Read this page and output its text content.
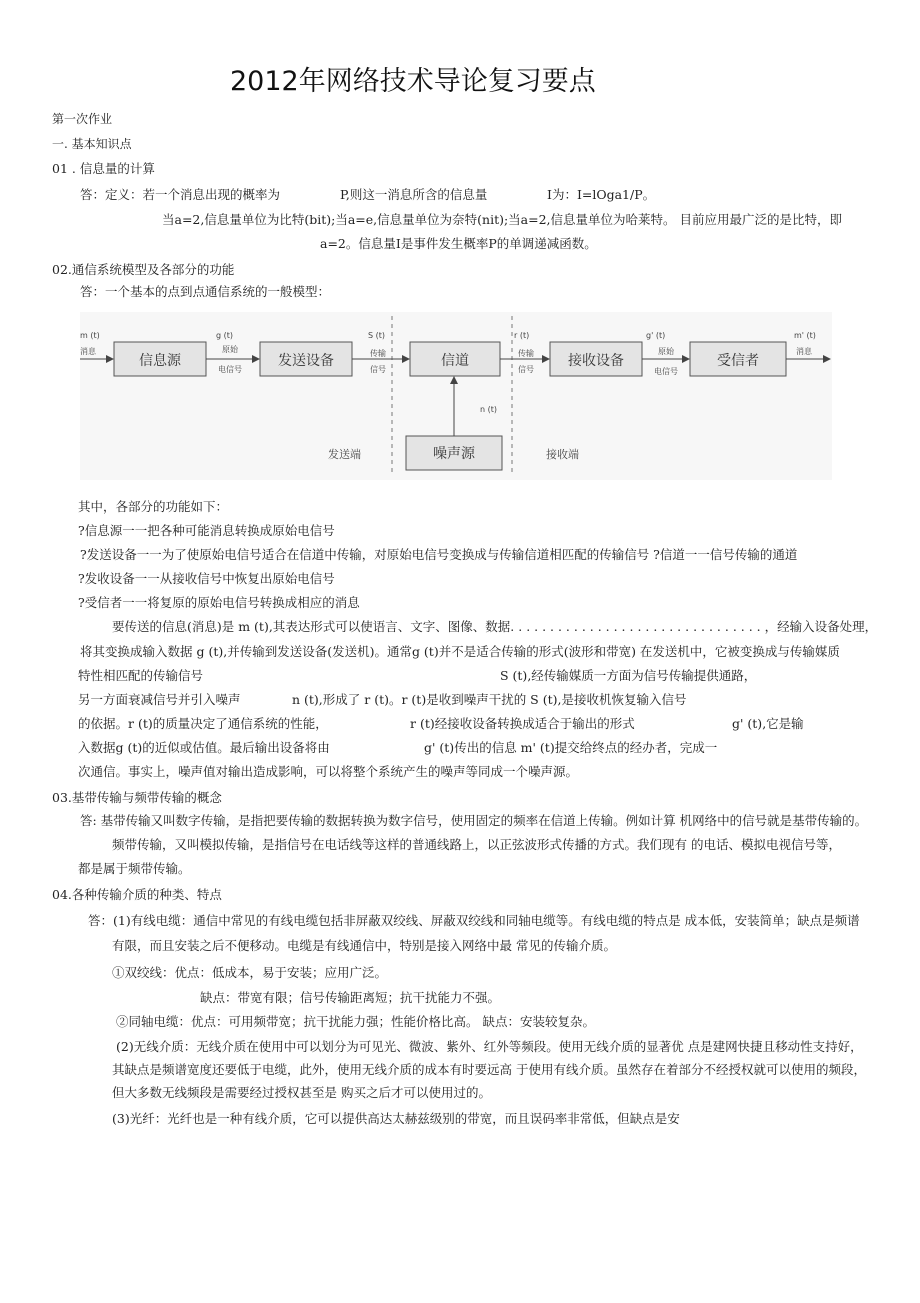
2012年网络技术导论复习要点
第一次作业
一. 基本知识点
01 . 信息量的计算
答：定义：若一个消息出现的概率为	P,则这一消息所含的信息量	I为：I=lOga1/P。
当a=2,信息量单位为比特(bit);当a=e,信息量单位为奈特(nit);当a=2,信息量单位为哈莱特。 目前应用最广泛的是比特，即
a=2。信息量I是事件发生概率P的单调递减函数。
02.通信系统模型及各部分的功能
答：一个基本的点到点通信系统的一般模型：
信息源	发送设备	信道	接收设备	受信者
噪声源
m (t)
消息
g (t)
原始
电信号
S (t)
传输
信号
r (t)
传输
信号
g' (t)
原始
电信号
m' (t)
消息
n (t)
发送端	接收端
其中，各部分的功能如下：
?信息源一一把各种可能消息转换成原始电信号
?发送设备一一为了使原始电信号适合在信道中传输，对原始电信号变换成与传输信道相匹配的传输信号 ?信道一一信号传输的通道
?发收设备一一从接收信号中恢复出原始电信号
?受信者一一将复原的原始电信号转换成相应的消息
要传送的信息(消息)是 m (t),其表达形式可以使语言、文字、图像、数据. . . . . . . . . . . . . . . . . . . . . . . . . . . . . . . . ，经输入设备处理，
将其变换成输入数据 g (t),并传输到发送设备(发送机)。通常g (t)并不是适合传输的形式(波形和带宽) 在发送机中，它被变换成与传输媒质
特性相匹配的传输信号	S (t),经传输媒质一方面为信号传输提供通路，
另一方面衰减信号并引入噪声	n (t),形成了 r (t)。r (t)是收到噪声干扰的 S (t),是接收机恢复输入信号
的依据。r (t)的质量决定了通信系统的性能，	r (t)经接收设备转换成适合于输出的形式	g' (t),它是输
入数据g (t)的近似或估值。最后输出设备将由	g' (t)传出的信息 m' (t)提交给终点的经办者，完成一
次通信。事实上，噪声值对输出造成影响，可以将整个系统产生的噪声等同成一个噪声源。
03.基带传输与频带传输的概念
答: 基带传输又叫数字传输，是指把要传输的数据转换为数字信号，使用固定的频率在信道上传输。例如计算 机网络中的信号就是基带传输的。
频带传输，又叫模拟传输，是指信号在电话线等这样的普通线路上，以正弦波形式传播的方式。我们现有 的电话、模拟电视信号等，
都是属于频带传输。
04.各种传输介质的种类、特点
答：(1)有线电缆：通信中常见的有线电缆包括非屏蔽双绞线、屏蔽双绞线和同轴电缆等。有线电缆的特点是 成本低，安装简单；缺点是频谱
有限，而且安装之后不便移动。电缆是有线通信中，特别是接入网络中最 常见的传输介质。
①双绞线：优点：低成本，易于安装；应用广泛。
缺点：带宽有限；信号传输距离短；抗干扰能力不强。
②同轴电缆：优点：可用频带宽；抗干扰能力强；性能价格比高。 缺点：安装较复杂。
(2)无线介质：无线介质在使用中可以划分为可见光、微波、紫外、红外等频段。使用无线介质的显著优 点是建网快捷且移动性支持好，
其缺点是频谱宽度还要低于电缆，此外，使用无线介质的成本有时要远高 于使用有线介质。虽然存在着部分不经授权就可以使用的频段，
但大多数无线频段是需要经过授权甚至是 购买之后才可以使用过的。
(3)光纤：光纤也是一种有线介质，它可以提供高达太赫兹级别的带宽，而且误码率非常低，但缺点是安
